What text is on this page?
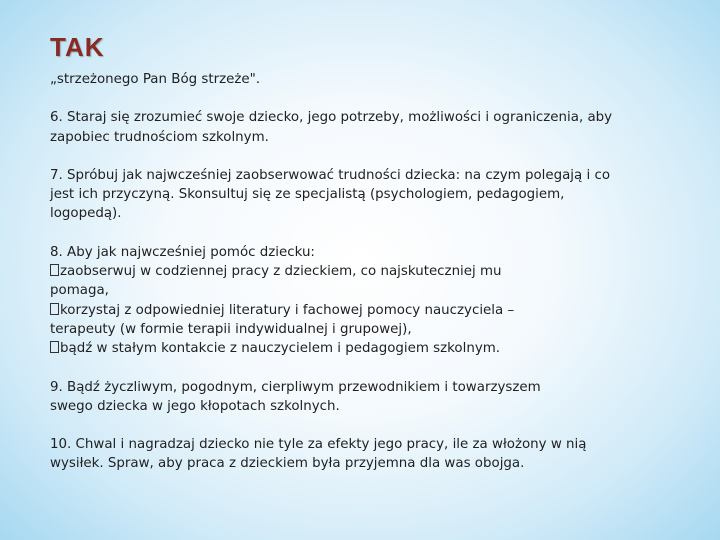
TAK

„strzeżonego Pan Bóg strzeże".

6. Staraj się zrozumieć swoje dziecko, jego potrzeby, możliwości i ograniczenia, aby
zapobiec trudnościom szkolnym.

7. Spróbuj jak najwcześniej zaobserwować trudności dziecka: na czym polegają i co
jest ich przyczyną. Skonsultuj się ze specjalistą (psychologiem, pedagogiem,
logopedą).

8. Aby jak najwcześniej pomóc dziecku:
zaobserwuj w codziennej pracy z dzieckiem, co najskuteczniej mu
pomaga,
korzystaj z odpowiedniej literatury i fachowej pomocy nauczyciela –
terapeuty (w formie terapii indywidualnej i grupowej),
bądź w stałym kontakcie z nauczycielem i pedagogiem szkolnym.

9. Bądź życzliwym, pogodnym, cierpliwym przewodnikiem i towarzyszem
swego dziecka w jego kłopotach szkolnych.

10. Chwal i nagradzaj dziecko nie tyle za efekty jego pracy, ile za włożony w nią
wysiłek. Spraw, aby praca z dzieckiem była przyjemna dla was obojga.
